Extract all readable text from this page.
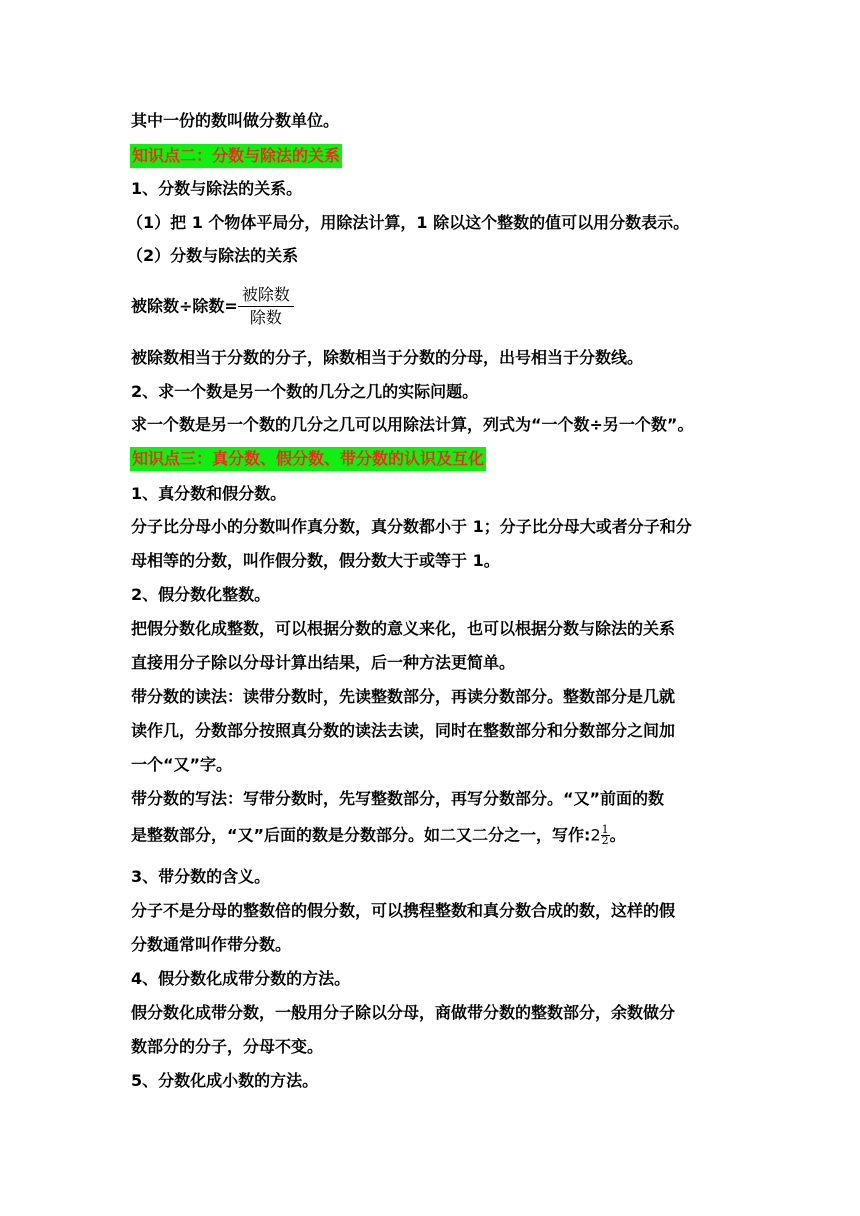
其中一份的数叫做分数单位。
知识点二：分数与除法的关系
1、分数与除法的关系。
（1）把 1 个物体平局分，用除法计算，1 除以这个整数的值可以用分数表示。
（2）分数与除法的关系
被除数÷除数= $\frac{\text{被除数}}{\text{除数}}$
被除数相当于分数的分子，除数相当于分数的分母，出号相当于分数线。
2、求一个数是另一个数的几分之几的实际问题。
求一个数是另一个数的几分之几可以用除法计算，列式为“一个数÷另一个数”。
知识点三：真分数、假分数、带分数的认识及互化
1、真分数和假分数。
分子比分母小的分数叫作真分数，真分数都小于 1；分子比分母大或者分子和分
母相等的分数，叫作假分数，假分数大于或等于 1。
2、假分数化整数。
把假分数化成整数，可以根据分数的意义来化，也可以根据分数与除法的关系
直接用分子除以分母计算出结果，后一种方法更简单。
带分数的读法：读带分数时，先读整数部分，再读分数部分。整数部分是几就
读作几，分数部分按照真分数的读法去读，同时在整数部分和分数部分之间加
一个“又”字。
带分数的写法：写带分数时，先写整数部分，再写分数部分。“又”前面的数
是整数部分，“又”后面的数是分数部分。如二又二分之一，写作:2 $\frac{1}{2}$ 。
3、带分数的含义。
分子不是分母的整数倍的假分数，可以携程整数和真分数合成的数，这样的假
分数通常叫作带分数。
4、假分数化成带分数的方法。
假分数化成带分数，一般用分子除以分母，商做带分数的整数部分，余数做分
数部分的分子，分母不变。
5、分数化成小数的方法。
